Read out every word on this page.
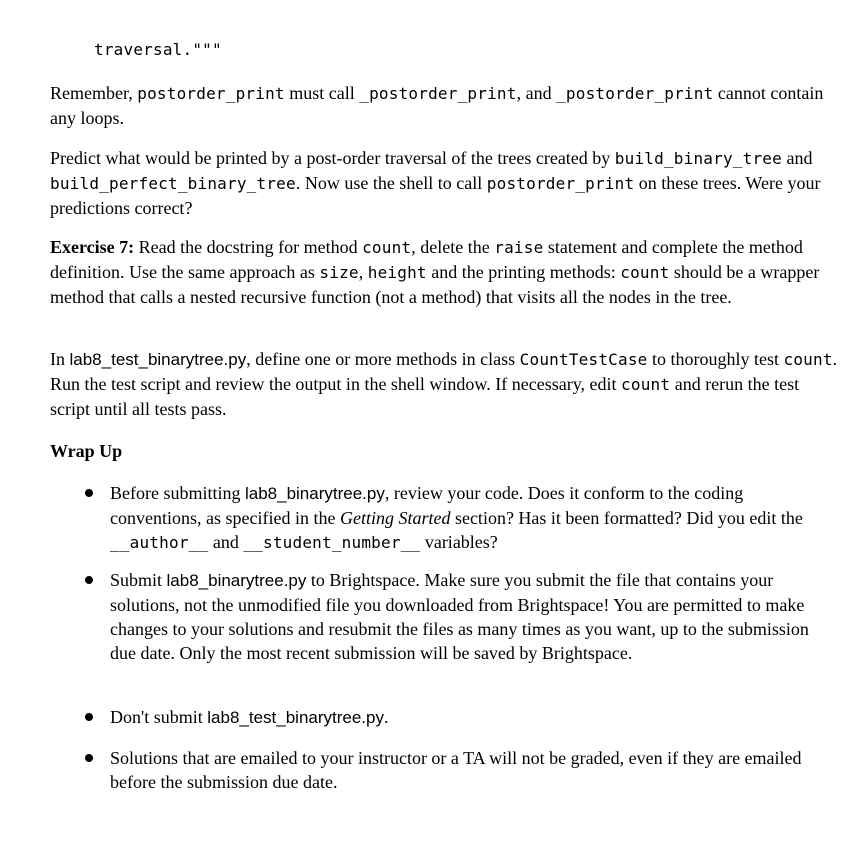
traversal."""

Remember, postorder_print must call _postorder_print, and _postorder_print cannot contain any loops.

Predict what would be printed by a post-order traversal of the trees created by build_binary_tree and build_perfect_binary_tree. Now use the shell to call postorder_print on these trees. Were your predictions correct?

Exercise 7: Read the docstring for method count, delete the raise statement and complete the method definition. Use the same approach as size, height and the printing methods: count should be a wrapper method that calls a nested recursive function (not a method) that visits all the nodes in the tree.

In lab8_test_binarytree.py, define one or more methods in class CountTestCase to thoroughly test count. Run the test script and review the output in the shell window. If necessary, edit count and rerun the test script until all tests pass.

Wrap Up
Before submitting lab8_binarytree.py, review your code. Does it conform to the coding conventions, as specified in the Getting Started section? Has it been formatted? Did you edit the __author__ and __student_number__ variables?
Submit lab8_binarytree.py to Brightspace. Make sure you submit the file that contains your solutions, not the unmodified file you downloaded from Brightspace! You are permitted to make changes to your solutions and resubmit the files as many times as you want, up to the submission due date. Only the most recent submission will be saved by Brightspace.
Don't submit lab8_test_binarytree.py.
Solutions that are emailed to your instructor or a TA will not be graded, even if they are emailed before the submission due date.
